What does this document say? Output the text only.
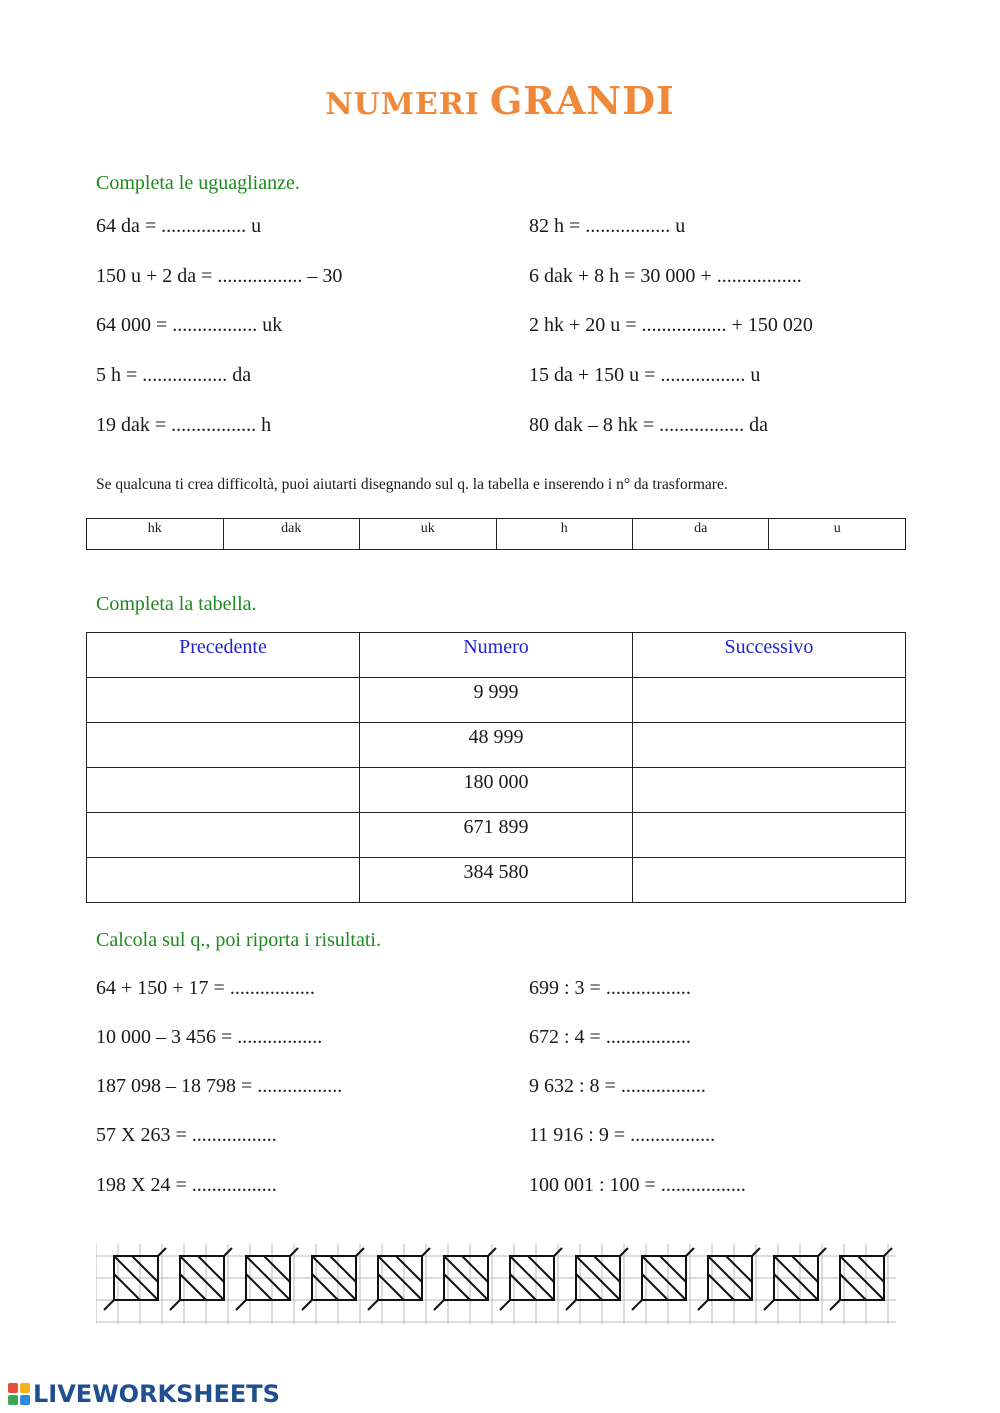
NUMERI GRANDI
Completa le uguaglianze.
64 da = ................. u
150 u + 2 da = ................. – 30
64 000 = ................. uk
5 h = ................. da
19 dak = ................. h
82 h = ................. u
6 dak + 8 h = 30 000 + .................
2 hk + 20 u = ................. + 150 020
15 da + 150 u = ................. u
80 dak – 8 hk = ................. da
Se qualcuna ti crea difficoltà, puoi aiutarti disegnando sul q. la tabella e inserendo i n° da trasformare.
hk	dak	uk	h	da	u
Completa la tabella.
Precedente	Numero	Successivo
	9 999	
	48 999	
	180 000	
	671 899	
	384 580	
Calcola sul q., poi riporta i risultati.
64 + 150 + 17 = .................
10 000 – 3 456 = .................
187 098 – 18 798 = .................
57 X 263 = .................
198 X 24 = .................
699 : 3 = .................
672 : 4 = .................
9 632 : 8 = .................
11 916 : 9 = .................
100 001 : 100 = .................
LIVEWORKSHEETS
